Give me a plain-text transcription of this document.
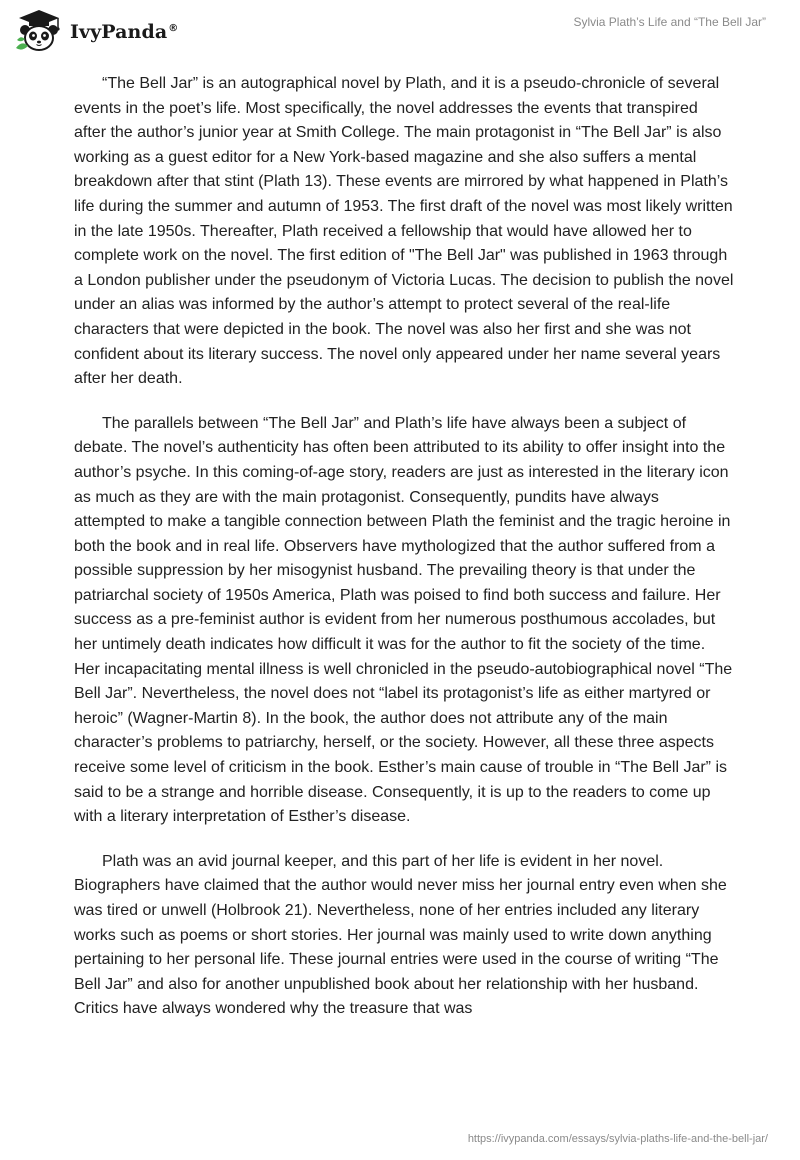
IvyPanda®	Sylvia Plath’s Life and “The Bell Jar”

“The Bell Jar” is an autographical novel by Plath, and it is a pseudo-chronicle of several events in the poet’s life. Most specifically, the novel addresses the events that transpired after the author’s junior year at Smith College. The main protagonist in “The Bell Jar” is also working as a guest editor for a New York-based magazine and she also suffers a mental breakdown after that stint (Plath 13). These events are mirrored by what happened in Plath’s life during the summer and autumn of 1953. The first draft of the novel was most likely written in the late 1950s. Thereafter, Plath received a fellowship that would have allowed her to complete work on the novel. The first edition of "The Bell Jar" was published in 1963 through a London publisher under the pseudonym of Victoria Lucas. The decision to publish the novel under an alias was informed by the author’s attempt to protect several of the real-life characters that were depicted in the book. The novel was also her first and she was not confident about its literary success. The novel only appeared under her name several years after her death.

The parallels between “The Bell Jar” and Plath’s life have always been a subject of debate. The novel’s authenticity has often been attributed to its ability to offer insight into the author’s psyche. In this coming-of-age story, readers are just as interested in the literary icon as much as they are with the main protagonist. Consequently, pundits have always attempted to make a tangible connection between Plath the feminist and the tragic heroine in both the book and in real life. Observers have mythologized that the author suffered from a possible suppression by her misogynist husband. The prevailing theory is that under the patriarchal society of 1950s America, Plath was poised to find both success and failure. Her success as a pre-feminist author is evident from her numerous posthumous accolades, but her untimely death indicates how difficult it was for the author to fit the society of the time. Her incapacitating mental illness is well chronicled in the pseudo-autobiographical novel “The Bell Jar”. Nevertheless, the novel does not “label its protagonist’s life as either martyred or heroic” (Wagner-Martin 8). In the book, the author does not attribute any of the main character’s problems to patriarchy, herself, or the society. However, all these three aspects receive some level of criticism in the book. Esther’s main cause of trouble in “The Bell Jar” is said to be a strange and horrible disease. Consequently, it is up to the readers to come up with a literary interpretation of Esther’s disease.

Plath was an avid journal keeper, and this part of her life is evident in her novel. Biographers have claimed that the author would never miss her journal entry even when she was tired or unwell (Holbrook 21). Nevertheless, none of her entries included any literary works such as poems or short stories. Her journal was mainly used to write down anything pertaining to her personal life. These journal entries were used in the course of writing “The Bell Jar” and also for another unpublished book about her relationship with her husband. Critics have always wondered why the treasure that was

https://ivypanda.com/essays/sylvia-plaths-life-and-the-bell-jar/
